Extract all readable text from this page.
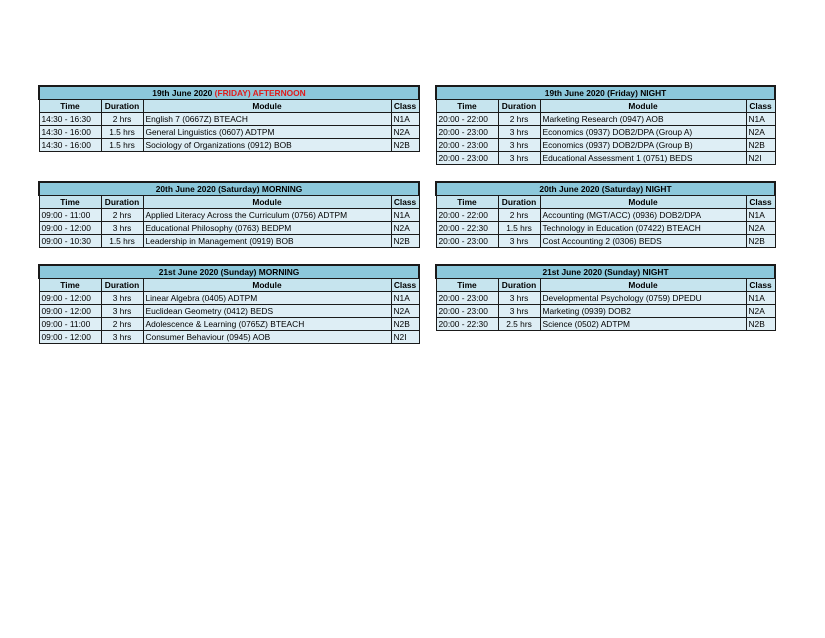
19th June 2020 (FRIDAY) AFTERNOON			
Time	Duration	Module	Class
14:30 - 16:30	2 hrs	English 7 (0667Z) BTEACH	N1A
14:30 - 16:00	1.5 hrs	General Linguistics (0607) ADTPM	N2A
14:30 - 16:00	1.5 hrs	Sociology of Organizations (0912) BOB	N2B
19th June 2020 (Friday) NIGHT			
Time	Duration	Module	Class
20:00 - 22:00	2 hrs	Marketing Research (0947) AOB	N1A
20:00 - 23:00	3 hrs	Economics (0937) DOB2/DPA (Group A)	N2A
20:00 - 23:00	3 hrs	Economics (0937) DOB2/DPA (Group B)	N2B
20:00 - 23:00	3 hrs	Educational Assessment 1 (0751) BEDS	N2I
20th June 2020 (Saturday) MORNING			
Time	Duration	Module	Class
09:00 - 11:00	2 hrs	Applied Literacy Across the Curriculum (0756) ADTPM	N1A
09:00 - 12:00	3 hrs	Educational Philosophy (0763) BEDPM	N2A
09:00 - 10:30	1.5 hrs	Leadership in Management (0919) BOB	N2B
20th June 2020 (Saturday) NIGHT			
Time	Duration	Module	Class
20:00 - 22:00	2 hrs	Accounting (MGT/ACC) (0936) DOB2/DPA	N1A
20:00 - 22:30	1.5 hrs	Technology in Education (07422) BTEACH	N2A
20:00 - 23:00	3 hrs	Cost Accounting 2 (0306) BEDS	N2B
21st June 2020 (Sunday) MORNING			
Time	Duration	Module	Class
09:00 - 12:00	3 hrs	Linear Algebra (0405) ADTPM	N1A
09:00 - 12:00	3 hrs	Euclidean Geometry (0412) BEDS	N2A
09:00 - 11:00	2 hrs	Adolescence & Learning (0765Z) BTEACH	N2B
09:00 - 12:00	3 hrs	Consumer Behaviour (0945) AOB	N2I
21st June 2020 (Sunday) NIGHT			
Time	Duration	Module	Class
20:00 - 23:00	3 hrs	Developmental Psychology (0759) DPEDU	N1A
20:00 - 23:00	3 hrs	Marketing (0939) DOB2	N2A
20:00 - 22:30	2.5 hrs	Science (0502) ADTPM	N2B
